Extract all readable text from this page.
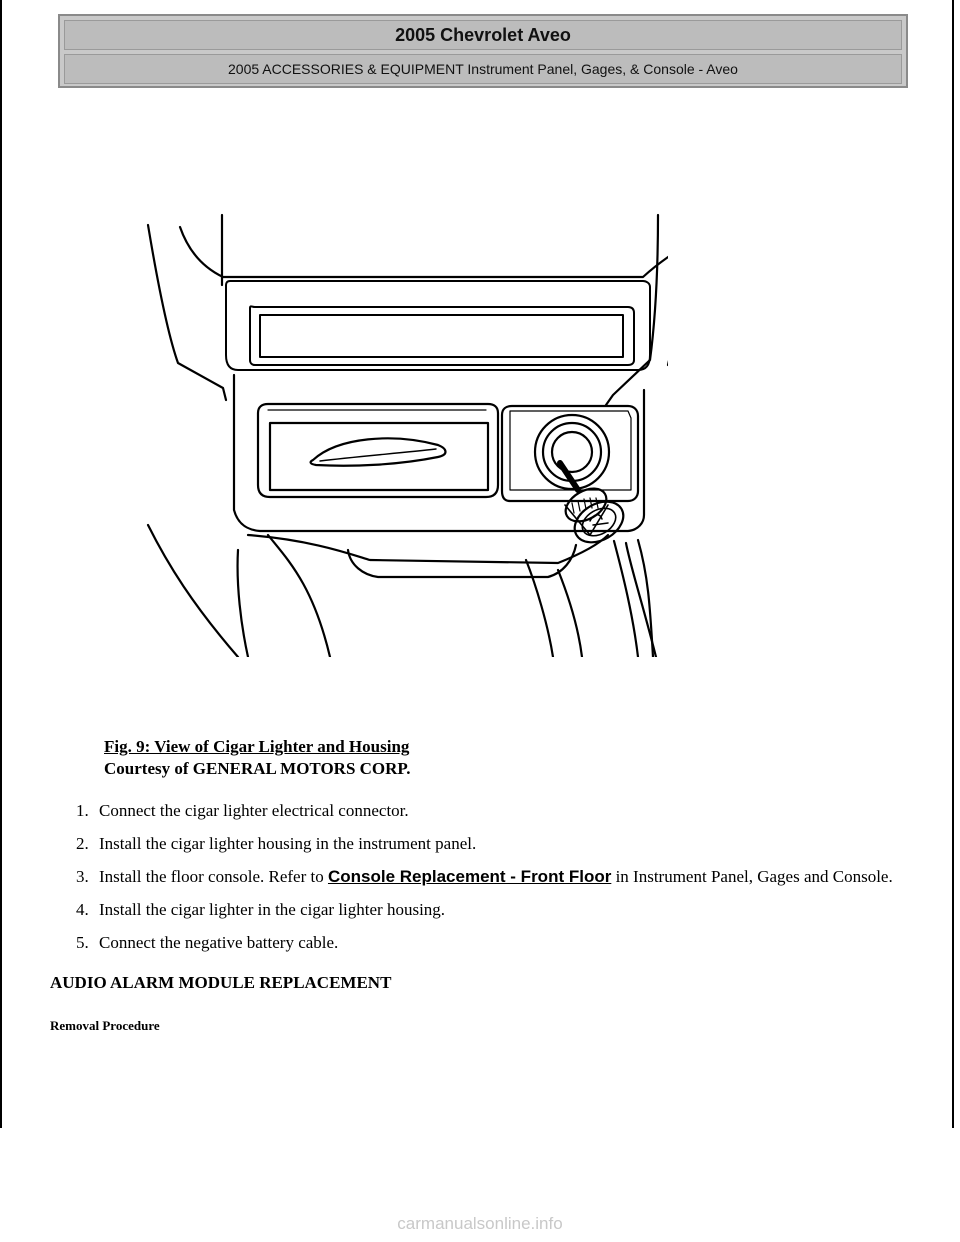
2005 Chevrolet Aveo
2005 ACCESSORIES & EQUIPMENT Instrument Panel, Gages, & Console - Aveo
Fig. 9: View of Cigar Lighter and Housing
Courtesy of GENERAL MOTORS CORP.
1. Connect the cigar lighter electrical connector.
2. Install the cigar lighter housing in the instrument panel.
3. Install the floor console. Refer to Console Replacement - Front Floor in Instrument Panel, Gages and Console.
4. Install the cigar lighter in the cigar lighter housing.
5. Connect the negative battery cable.
AUDIO ALARM MODULE REPLACEMENT
Removal Procedure
carmanualsonline.info
